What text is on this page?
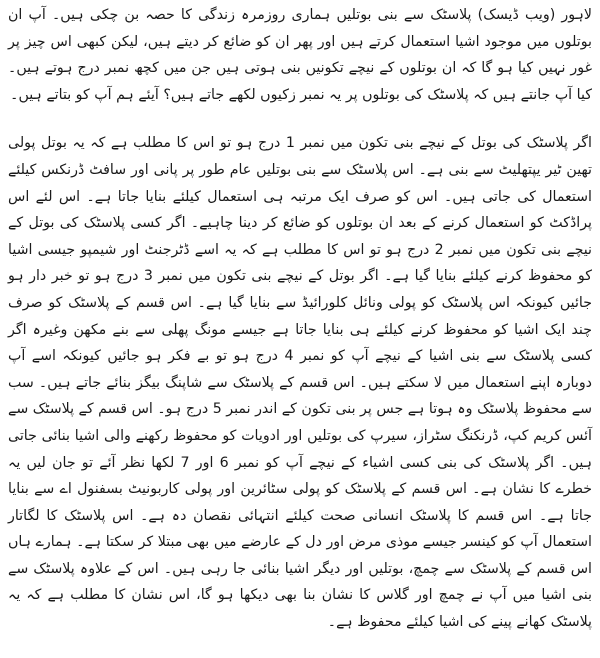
لاہور (ویب ڈیسک) پلاسٹک سے بنی بوتلیں ہماری روزمرہ زندگی کا حصہ بن چکی ہیں۔ آپ ان بوتلوں میں موجود اشیا استعمال کرتے ہیں اور پھر ان کو ضائع کر دیتے ہیں، لیکن کبھی اس چیز پر غور نہیں کیا ہو گا کہ ان بوتلوں کے نیچے تکونیں بنی ہوتی ہیں جن میں کچھ نمبر درج ہوتے ہیں۔ کیا آپ جانتے ہیں کہ پلاسٹک کی بوتلوں پر یہ نمبر زکیوں لکھے جاتے ہیں؟ آیئے ہم آپ کو بتاتے ہیں۔

اگر پلاسٹک کی بوتل کے نیچے بنی تکون میں نمبر 1 درج ہو تو اس کا مطلب ہے کہ یہ بوتل پولی تھین ٹیر یپتھلیٹ سے بنی ہے۔ اس پلاسٹک سے بنی بوتلیں عام طور پر پانی اور سافٹ ڈرنکس کیلئے استعمال کی جاتی ہیں۔ اس کو صرف ایک مرتبہ ہی استعمال کیلئے بنایا جاتا ہے۔ اس لئے اس پراڈکٹ کو استعمال کرنے کے بعد ان بوتلوں کو ضائع کر دینا چاہیے۔ اگر کسی پلاسٹک کی بوتل کے نیچے بنی تکون میں نمبر 2 درج ہو تو اس کا مطلب ہے کہ یہ اسے ڈٹرجنٹ اور شیمپو جیسی اشیا کو محفوظ کرنے کیلئے بنایا گیا ہے۔ اگر بوتل کے نیچے بنی تکون میں نمبر 3 درج ہو تو خبر دار ہو جائیں کیونکہ اس پلاسٹک کو پولی ونائل کلورائیڈ سے بنایا گیا ہے۔ اس قسم کے پلاسٹک کو صرف چند ایک اشیا کو محفوظ کرنے کیلئے ہی بنایا جاتا ہے جیسے مونگ پھلی سے بنے مکھن وغیرہ اگر کسی پلاسٹک سے بنی اشیا کے نیچے آپ کو نمبر 4 درج ہو تو بے فکر ہو جائیں کیونکہ اسے آپ دوبارہ اپنے استعمال میں لا سکتے ہیں۔ اس قسم کے پلاسٹک سے شاپنگ بیگز بنائے جاتے ہیں۔ سب سے محفوظ پلاسٹک وہ ہوتا ہے جس پر بنی تکون کے اندر نمبر 5 درج ہو۔ اس قسم کے پلاسٹک سے آئس کریم کپ، ڈرنکنگ سٹراز، سیرپ کی بوتلیں اور ادویات کو محفوظ رکھنے والی اشیا بنائی جاتی ہیں۔ اگر پلاسٹک کی بنی کسی اشیاء کے نیچے آپ کو نمبر 6 اور 7 لکھا نظر آئے تو جان لیں یہ خطرے کا نشان ہے۔ اس قسم کے پلاسٹک کو پولی سٹائرین اور پولی کاربونیٹ بسفنول اے سے بنایا جاتا ہے۔ اس قسم کا پلاسٹک انسانی صحت کیلئے انتہائی نقصان دہ ہے۔ اس پلاسٹک کا لگاتار استعمال آپ کو کینسر جیسے موذی مرض اور دل کے عارضے میں بھی مبتلا کر سکتا ہے۔ ہمارے ہاں اس قسم کے پلاسٹک سے چمچ، بوتلیں اور دیگر اشیا بنائی جا رہی ہیں۔ اس کے علاوہ پلاسٹک سے بنی اشیا میں آپ نے چمچ اور گلاس کا نشان بنا بھی دیکھا ہو گا، اس نشان کا مطلب ہے کہ یہ پلاسٹک کھانے پینے کی اشیا کیلئے محفوظ ہے۔
